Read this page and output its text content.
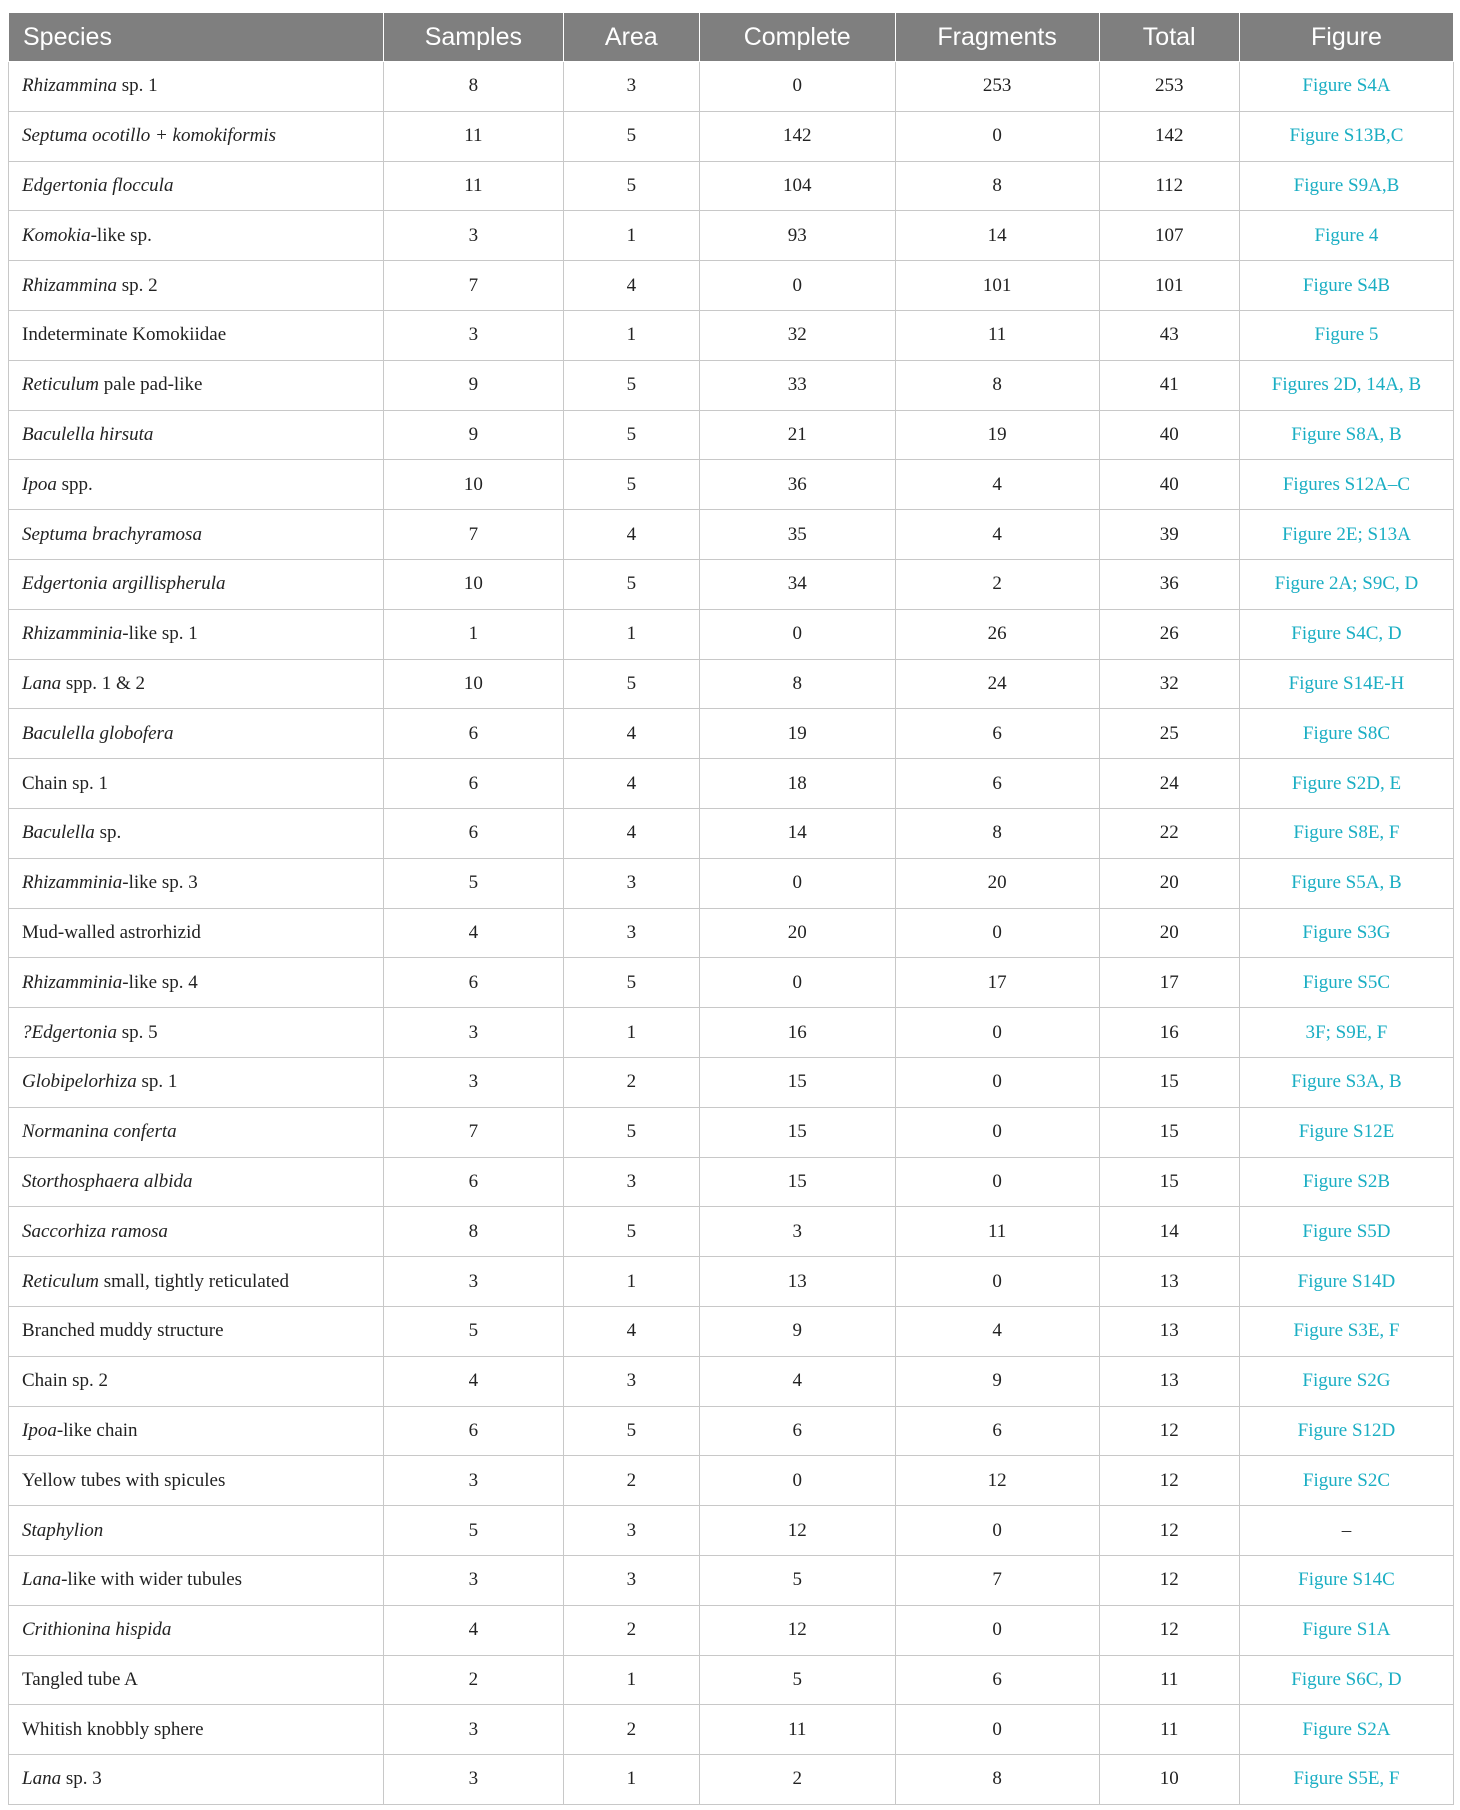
Species	Samples	Area	Complete	Fragments	Total	Figure
Rhizammina sp. 1	8	3	0	253	253	Figure S4A
Septuma ocotillo + komokiformis	11	5	142	0	142	Figure S13B,C
Edgertonia floccula	11	5	104	8	112	Figure S9A,B
Komokia-like sp.	3	1	93	14	107	Figure 4
Rhizammina sp. 2	7	4	0	101	101	Figure S4B
Indeterminate Komokiidae	3	1	32	11	43	Figure 5
Reticulum pale pad-like	9	5	33	8	41	Figures 2D, 14A, B
Baculella hirsuta	9	5	21	19	40	Figure S8A, B
Ipoa spp.	10	5	36	4	40	Figures S12A–C
Septuma brachyramosa	7	4	35	4	39	Figure 2E; S13A
Edgertonia argillispherula	10	5	34	2	36	Figure 2A; S9C, D
Rhizamminia-like sp. 1	1	1	0	26	26	Figure S4C, D
Lana spp. 1 & 2	10	5	8	24	32	Figure S14E-H
Baculella globofera	6	4	19	6	25	Figure S8C
Chain sp. 1	6	4	18	6	24	Figure S2D, E
Baculella sp.	6	4	14	8	22	Figure S8E, F
Rhizamminia-like sp. 3	5	3	0	20	20	Figure S5A, B
Mud-walled astrorhizid	4	3	20	0	20	Figure S3G
Rhizamminia-like sp. 4	6	5	0	17	17	Figure S5C
?Edgertonia sp. 5	3	1	16	0	16	3F; S9E, F
Globipelorhiza sp. 1	3	2	15	0	15	Figure S3A, B
Normanina conferta	7	5	15	0	15	Figure S12E
Storthosphaera albida	6	3	15	0	15	Figure S2B
Saccorhiza ramosa	8	5	3	11	14	Figure S5D
Reticulum small, tightly reticulated	3	1	13	0	13	Figure S14D
Branched muddy structure	5	4	9	4	13	Figure S3E, F
Chain sp. 2	4	3	4	9	13	Figure S2G
Ipoa-like chain	6	5	6	6	12	Figure S12D
Yellow tubes with spicules	3	2	0	12	12	Figure S2C
Staphylion	5	3	12	0	12	–
Lana-like with wider tubules	3	3	5	7	12	Figure S14C
Crithionina hispida	4	2	12	0	12	Figure S1A
Tangled tube A	2	1	5	6	11	Figure S6C, D
Whitish knobbly sphere	3	2	11	0	11	Figure S2A
Lana sp. 3	3	1	2	8	10	Figure S5E, F
